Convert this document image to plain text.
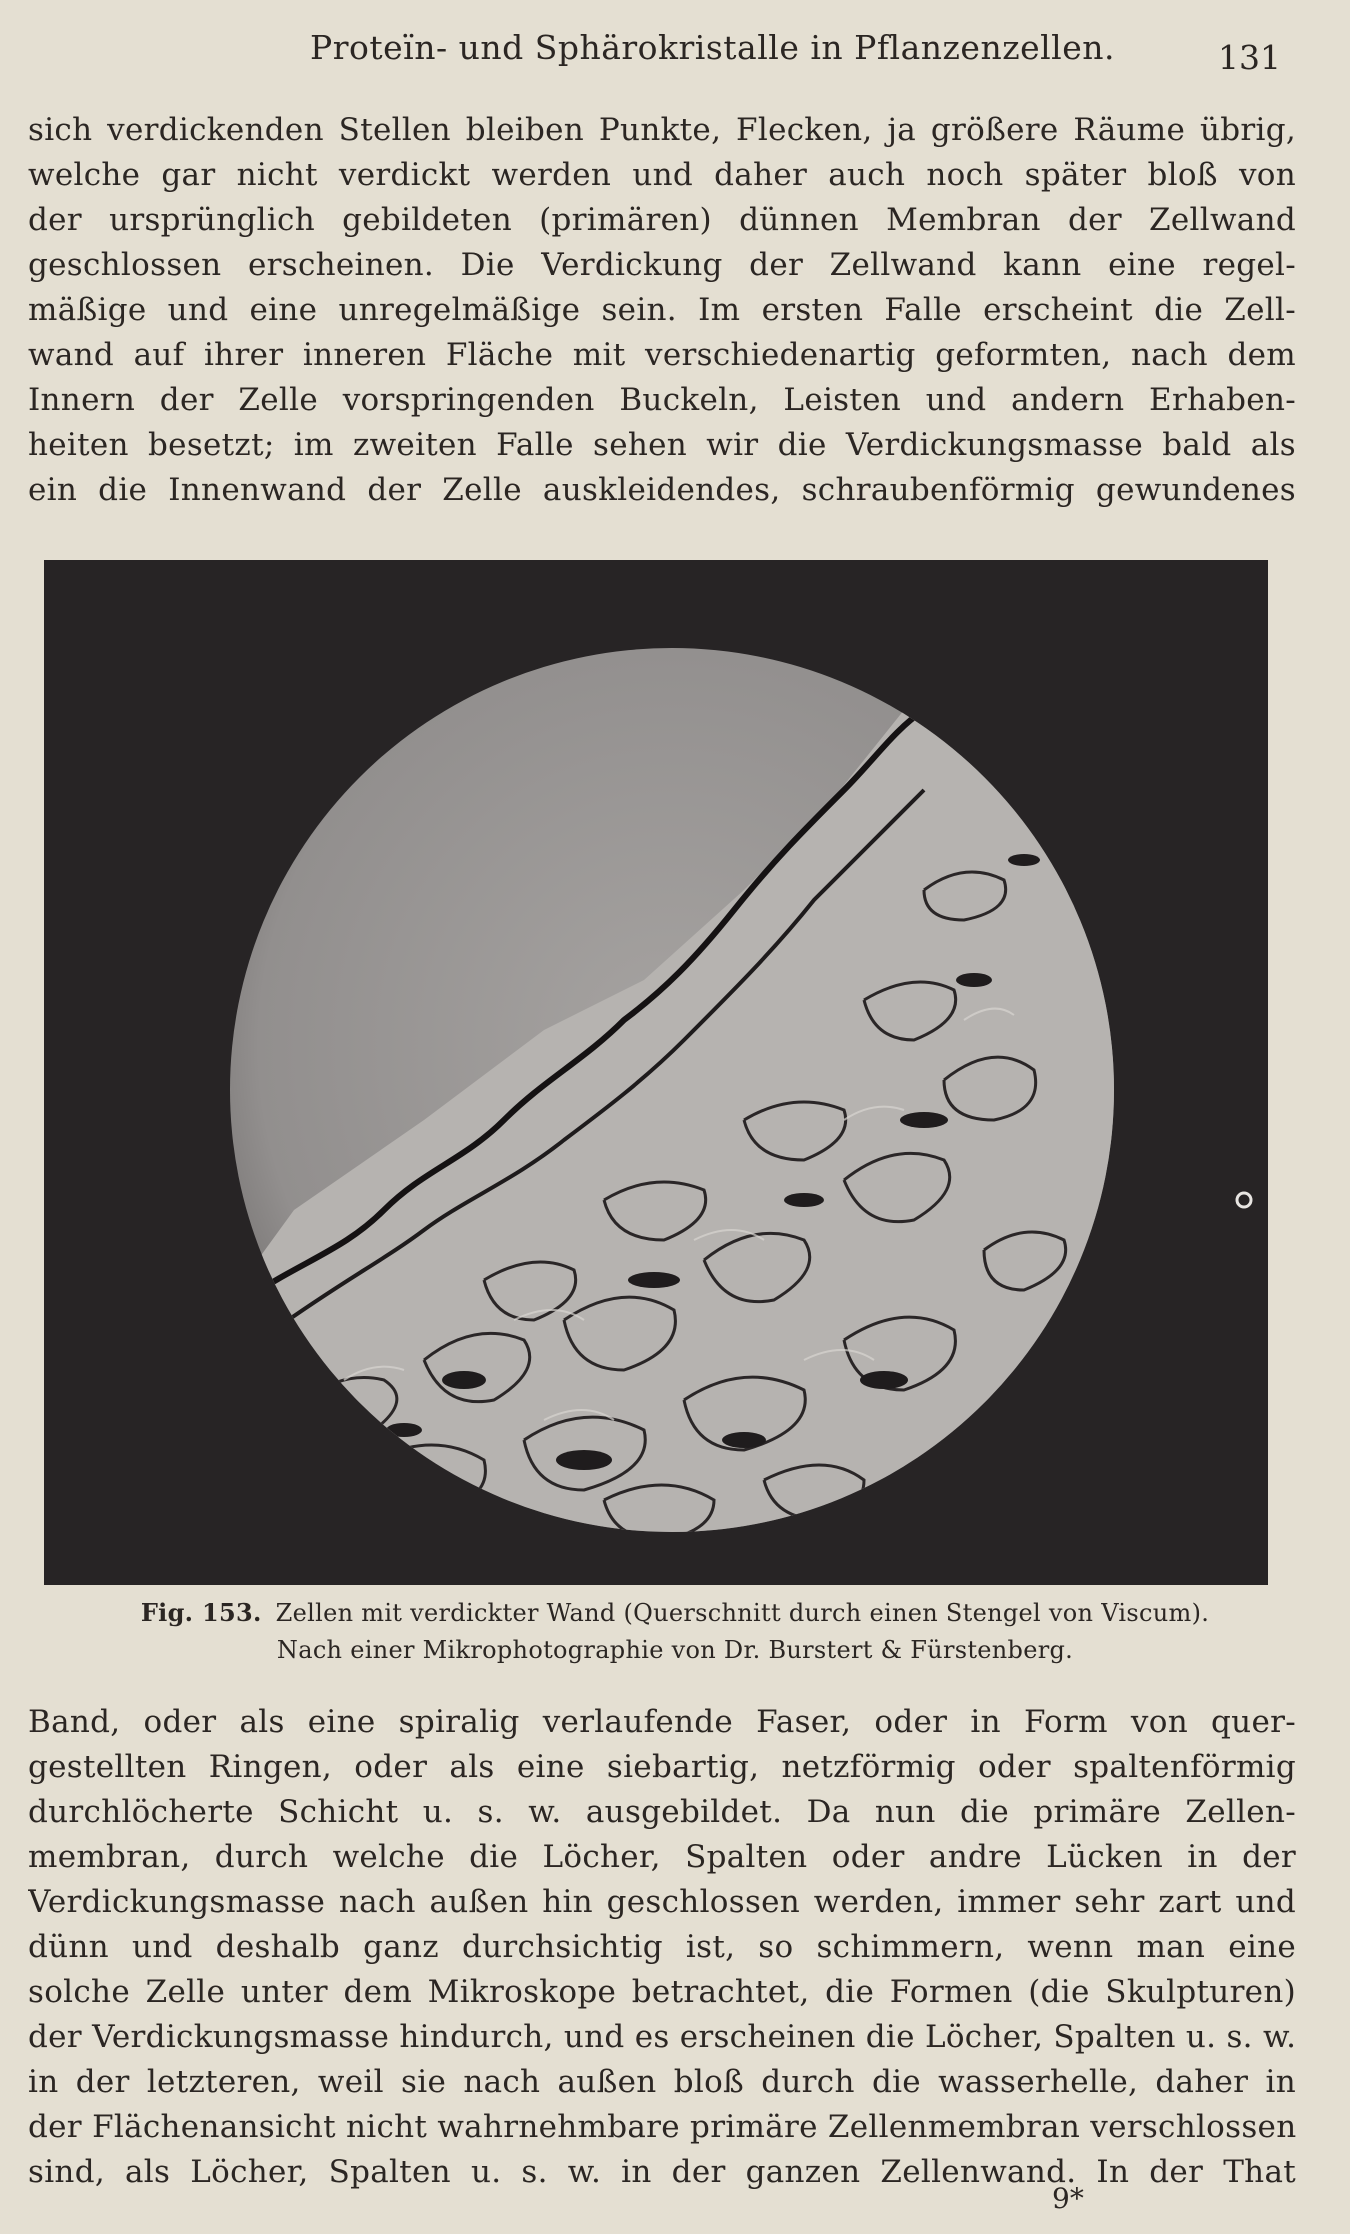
Proteïn- und Sphärokristalle in Pflanzenzellen.	131
sich verdickenden Stellen bleiben Punkte, Flecken, ja größere Räume übrig,
welche gar nicht verdickt werden und daher auch noch später bloß von
der ursprünglich gebildeten (primären) dünnen Membran der Zellwand
geschlossen erscheinen. Die Verdickung der Zellwand kann eine regel-
mäßige und eine unregelmäßige sein. Im ersten Falle erscheint die Zell-
wand auf ihrer inneren Fläche mit verschiedenartig geformten, nach dem
Innern der Zelle vorspringenden Buckeln, Leisten und andern Erhaben-
heiten besetzt; im zweiten Falle sehen wir die Verdickungsmasse bald als
ein die Innenwand der Zelle auskleidendes, schraubenförmig gewundenes
Fig. 153. Zellen mit verdickter Wand (Querschnitt durch einen Stengel von Viscum).
Nach einer Mikrophotographie von Dr. Burstert & Fürstenberg.
Band, oder als eine spiralig verlaufende Faser, oder in Form von quer-
gestellten Ringen, oder als eine siebartig, netzförmig oder spaltenförmig
durchlöcherte Schicht u. s. w. ausgebildet. Da nun die primäre Zellen-
membran, durch welche die Löcher, Spalten oder andre Lücken in der
Verdickungsmasse nach außen hin geschlossen werden, immer sehr zart und
dünn und deshalb ganz durchsichtig ist, so schimmern, wenn man eine
solche Zelle unter dem Mikroskope betrachtet, die Formen (die Skulpturen)
der Verdickungsmasse hindurch, und es erscheinen die Löcher, Spalten u. s. w.
in der letzteren, weil sie nach außen bloß durch die wasserhelle, daher in
der Flächenansicht nicht wahrnehmbare primäre Zellenmembran verschlossen
sind, als Löcher, Spalten u. s. w. in der ganzen Zellenwand. In der That
9*
